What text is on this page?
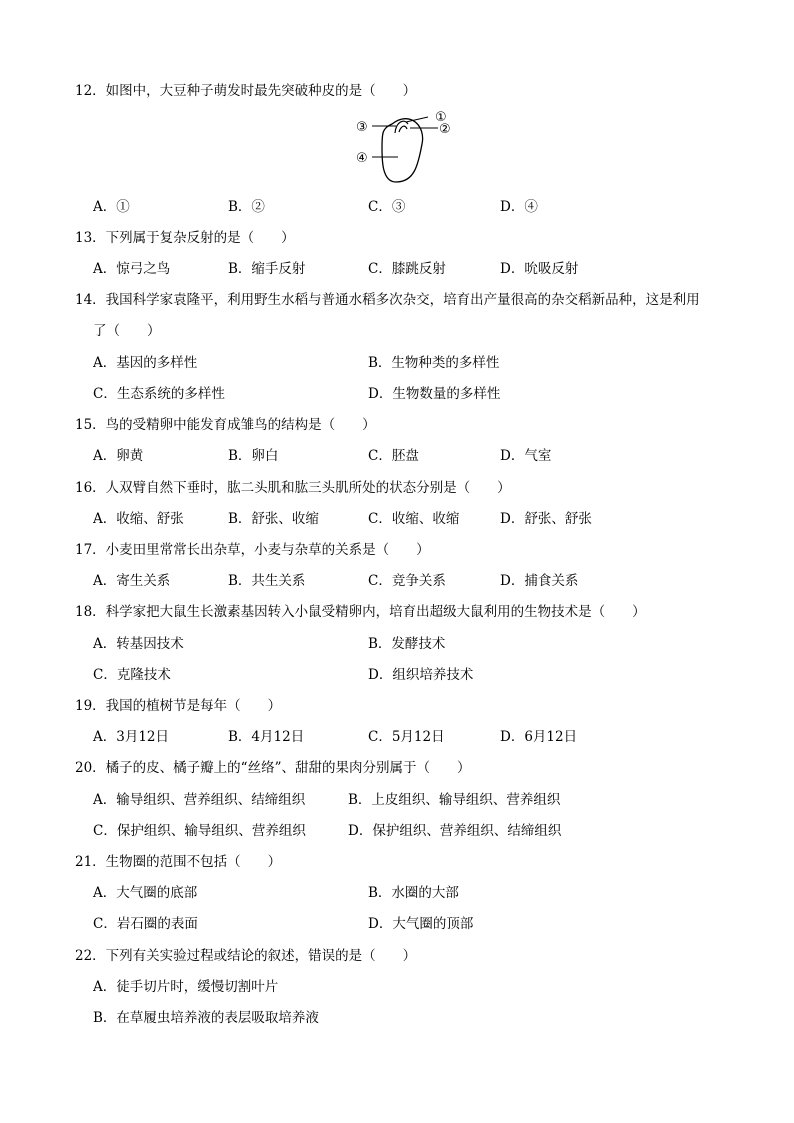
12．如图中，大豆种子萌发时最先突破种皮的是（　　）
①
②
③
④
A．①	B．②	C．③	D．④
13．下列属于复杂反射的是（　　）
A．惊弓之鸟	B．缩手反射	C．膝跳反射	D．吮吸反射
14．我国科学家袁隆平，利用野生水稻与普通水稻多次杂交，培育出产量很高的杂交稻新品种，这是利用
了（　　）
A．基因的多样性	B．生物种类的多样性
C．生态系统的多样性	D．生物数量的多样性
15．鸟的受精卵中能发育成雏鸟的结构是（　　）
A．卵黄	B．卵白	C．胚盘	D．气室
16．人双臂自然下垂时，肱二头肌和肱三头肌所处的状态分别是（　　）
A．收缩、舒张	B．舒张、收缩	C．收缩、收缩	D．舒张、舒张
17．小麦田里常常长出杂草，小麦与杂草的关系是（　　）
A．寄生关系	B．共生关系	C．竞争关系	D．捕食关系
18．科学家把大鼠生长激素基因转入小鼠受精卵内，培育出超级大鼠利用的生物技术是（　　）
A．转基因技术	B．发酵技术
C．克隆技术	D．组织培养技术
19．我国的植树节是每年（　　）
A．3月12日	B．4月12日	C．5月12日	D．6月12日
20．橘子的皮、橘子瓣上的“丝络”、甜甜的果肉分别属于（　　）
A．输导组织、营养组织、结缔组织	B．上皮组织、输导组织、营养组织
C．保护组织、输导组织、营养组织	D．保护组织、营养组织、结缔组织
21．生物圈的范围不包括（　　）
A．大气圈的底部	B．水圈的大部
C．岩石圈的表面	D．大气圈的顶部
22．下列有关实验过程或结论的叙述，错误的是（　　）
A．徒手切片时，缓慢切割叶片
B．在草履虫培养液的表层吸取培养液
